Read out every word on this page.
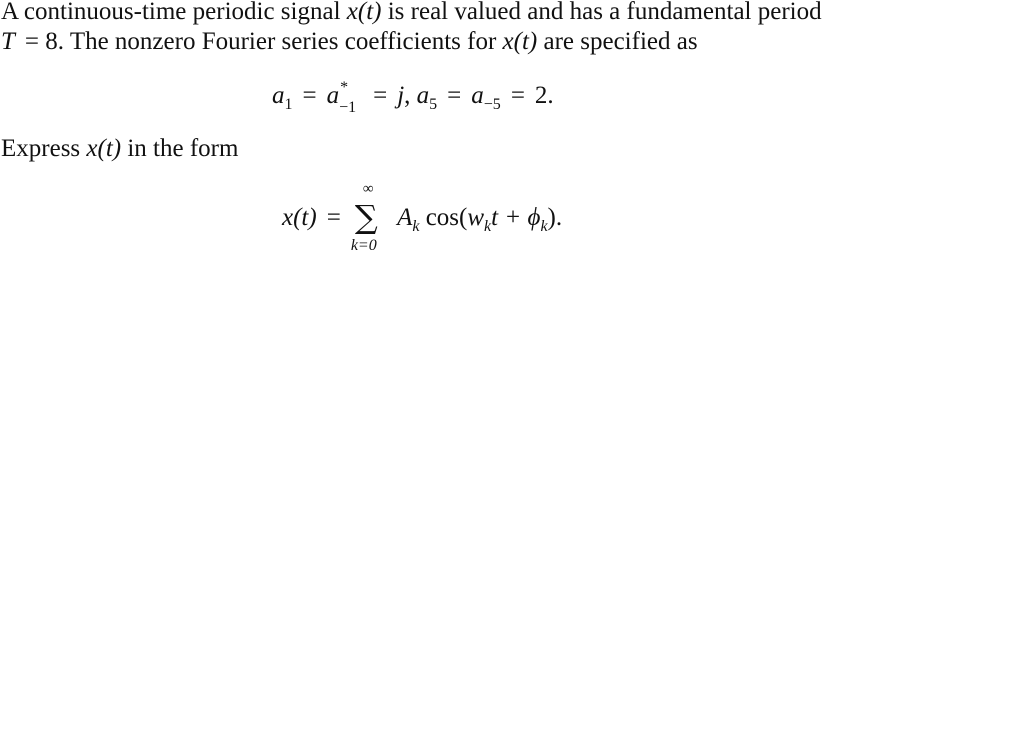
A continuous-time periodic signal x(t) is real valued and has a fundamental period
T = 8. The nonzero Fourier series coefficients for x(t) are specified as

$a_1 = a$ *
−1 = j, $a_5 = a_{-5} = 2$.

Express x(t) in the form

x(t) =
∞
∑
k=0
$A_k$ $\cos(w_kt + \phi_k)$.
